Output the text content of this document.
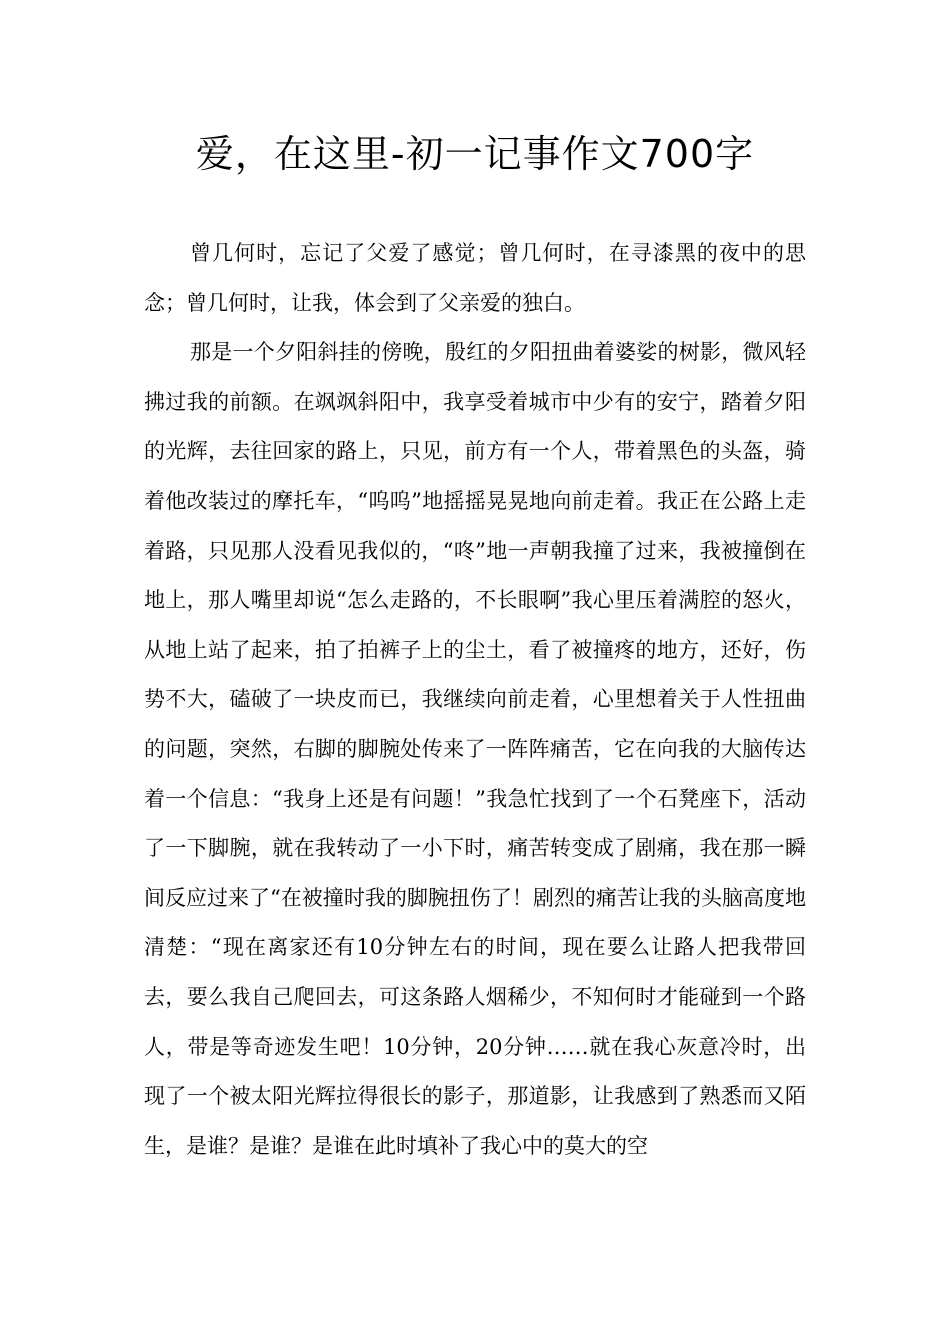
爱，在这里-初一记事作文700字

曾几何时，忘记了父爱了感觉；曾几何时，在寻漆黑的夜中的思念；曾几何时，让我，体会到了父亲爱的独白。

那是一个夕阳斜挂的傍晚，殷红的夕阳扭曲着婆娑的树影，微风轻拂过我的前额。在飒飒斜阳中，我享受着城市中少有的安宁，踏着夕阳的光辉，去往回家的路上，只见，前方有一个人，带着黑色的头盔，骑着他改装过的摩托车，“呜呜”地摇摇晃晃地向前走着。我正在公路上走着路，只见那人没看见我似的，“咚”地一声朝我撞了过来，我被撞倒在地上，那人嘴里却说“怎么走路的，不长眼啊”我心里压着满腔的怒火，从地上站了起来，拍了拍裤子上的尘土，看了被撞疼的地方，还好，伤势不大，磕破了一块皮而已，我继续向前走着，心里想着关于人性扭曲的问题，突然，右脚的脚腕处传来了一阵阵痛苦，它在向我的大脑传达着一个信息：“我身上还是有问题！”我急忙找到了一个石凳座下，活动了一下脚腕，就在我转动了一小下时，痛苦转变成了剧痛，我在那一瞬间反应过来了“在被撞时我的脚腕扭伤了！剧烈的痛苦让我的头脑高度地清楚：“现在离家还有10分钟左右的时间，现在要么让路人把我带回去，要么我自己爬回去，可这条路人烟稀少，不知何时才能碰到一个路人，带是等奇迹发生吧！10分钟，20分钟……就在我心灰意冷时，出现了一个被太阳光辉拉得很长的影子，那道影，让我感到了熟悉而又陌生，是谁？是谁？是谁在此时填补了我心中的莫大的空
